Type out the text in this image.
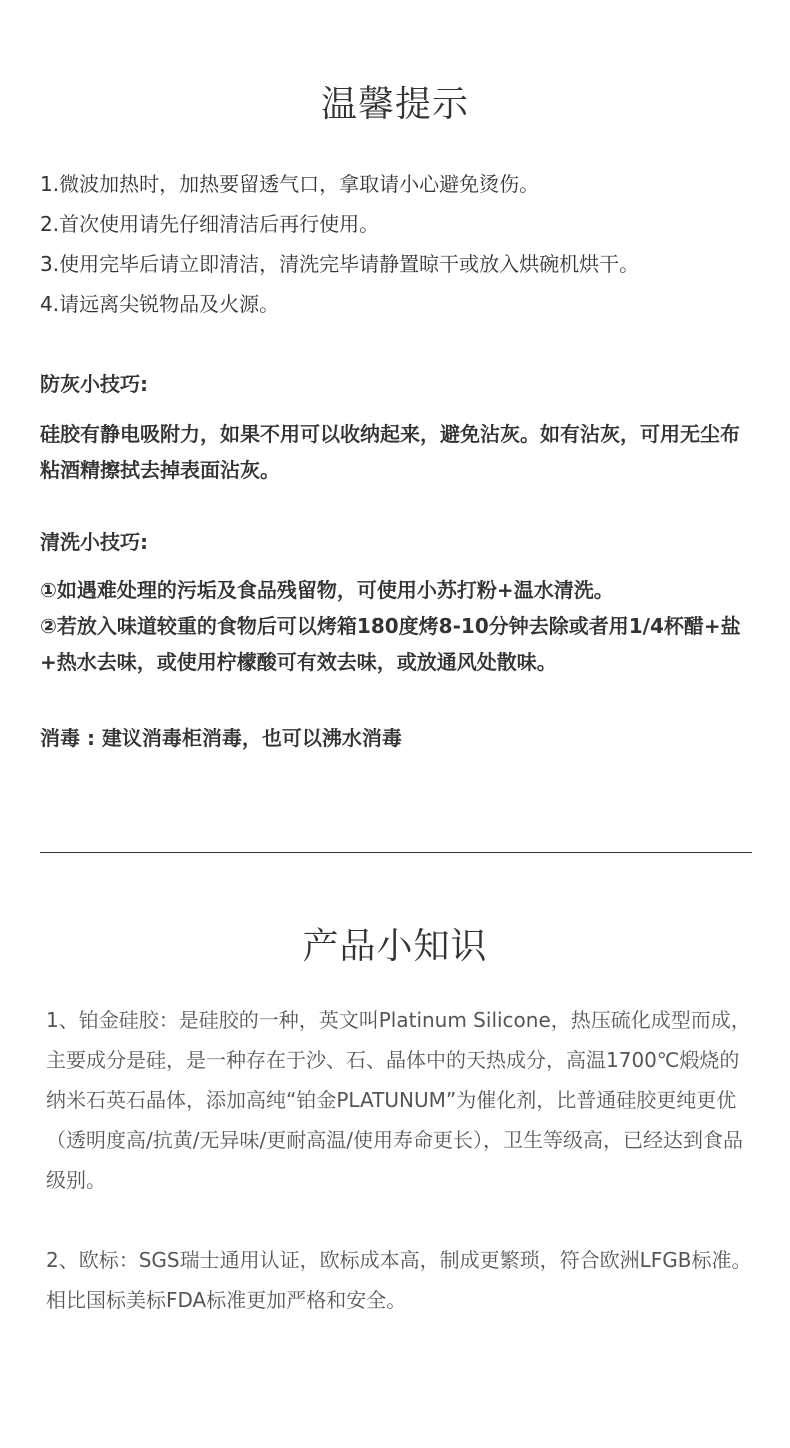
温馨提示
1.微波加热时，加热要留透气口，拿取请小心避免烫伤。
2.首次使用请先仔细清洁后再行使用。
3.使用完毕后请立即清洁，清洗完毕请静置晾干或放入烘碗机烘干。
4.请远离尖锐物品及火源。
防灰小技巧:
硅胶有静电吸附力，如果不用可以收纳起来，避免沾灰。如有沾灰，可用无尘布粘酒精擦拭去掉表面沾灰。
清洗小技巧:

①如遇难处理的污垢及食品残留物，可使用小苏打粉+温水清洗。

②若放入味道较重的食物后可以烤箱180度烤8-10分钟去除或者用1/4杯醋+盐+热水去味，或使用柠檬酸可有效去味，或放通风处散味。

消毒 : 建议消毒柜消毒，也可以沸水消毒
产品小知识

1、铂金硅胶：是硅胶的一种，英文叫Platinum Silicone，热压硫化成型而成，主要成分是硅，是一种存在于沙、石、晶体中的天热成分，高温1700℃煅烧的纳米石英石晶体，添加高纯“铂金PLATUNUM”为催化剂，比普通硅胶更纯更优（透明度高/抗黄/无异味/更耐高温/使用寿命更长），卫生等级高，已经达到食品级别。

2、欧标：SGS瑞士通用认证，欧标成本高，制成更繁琐，符合欧洲LFGB标准。相比国标美标FDA标准更加严格和安全。
